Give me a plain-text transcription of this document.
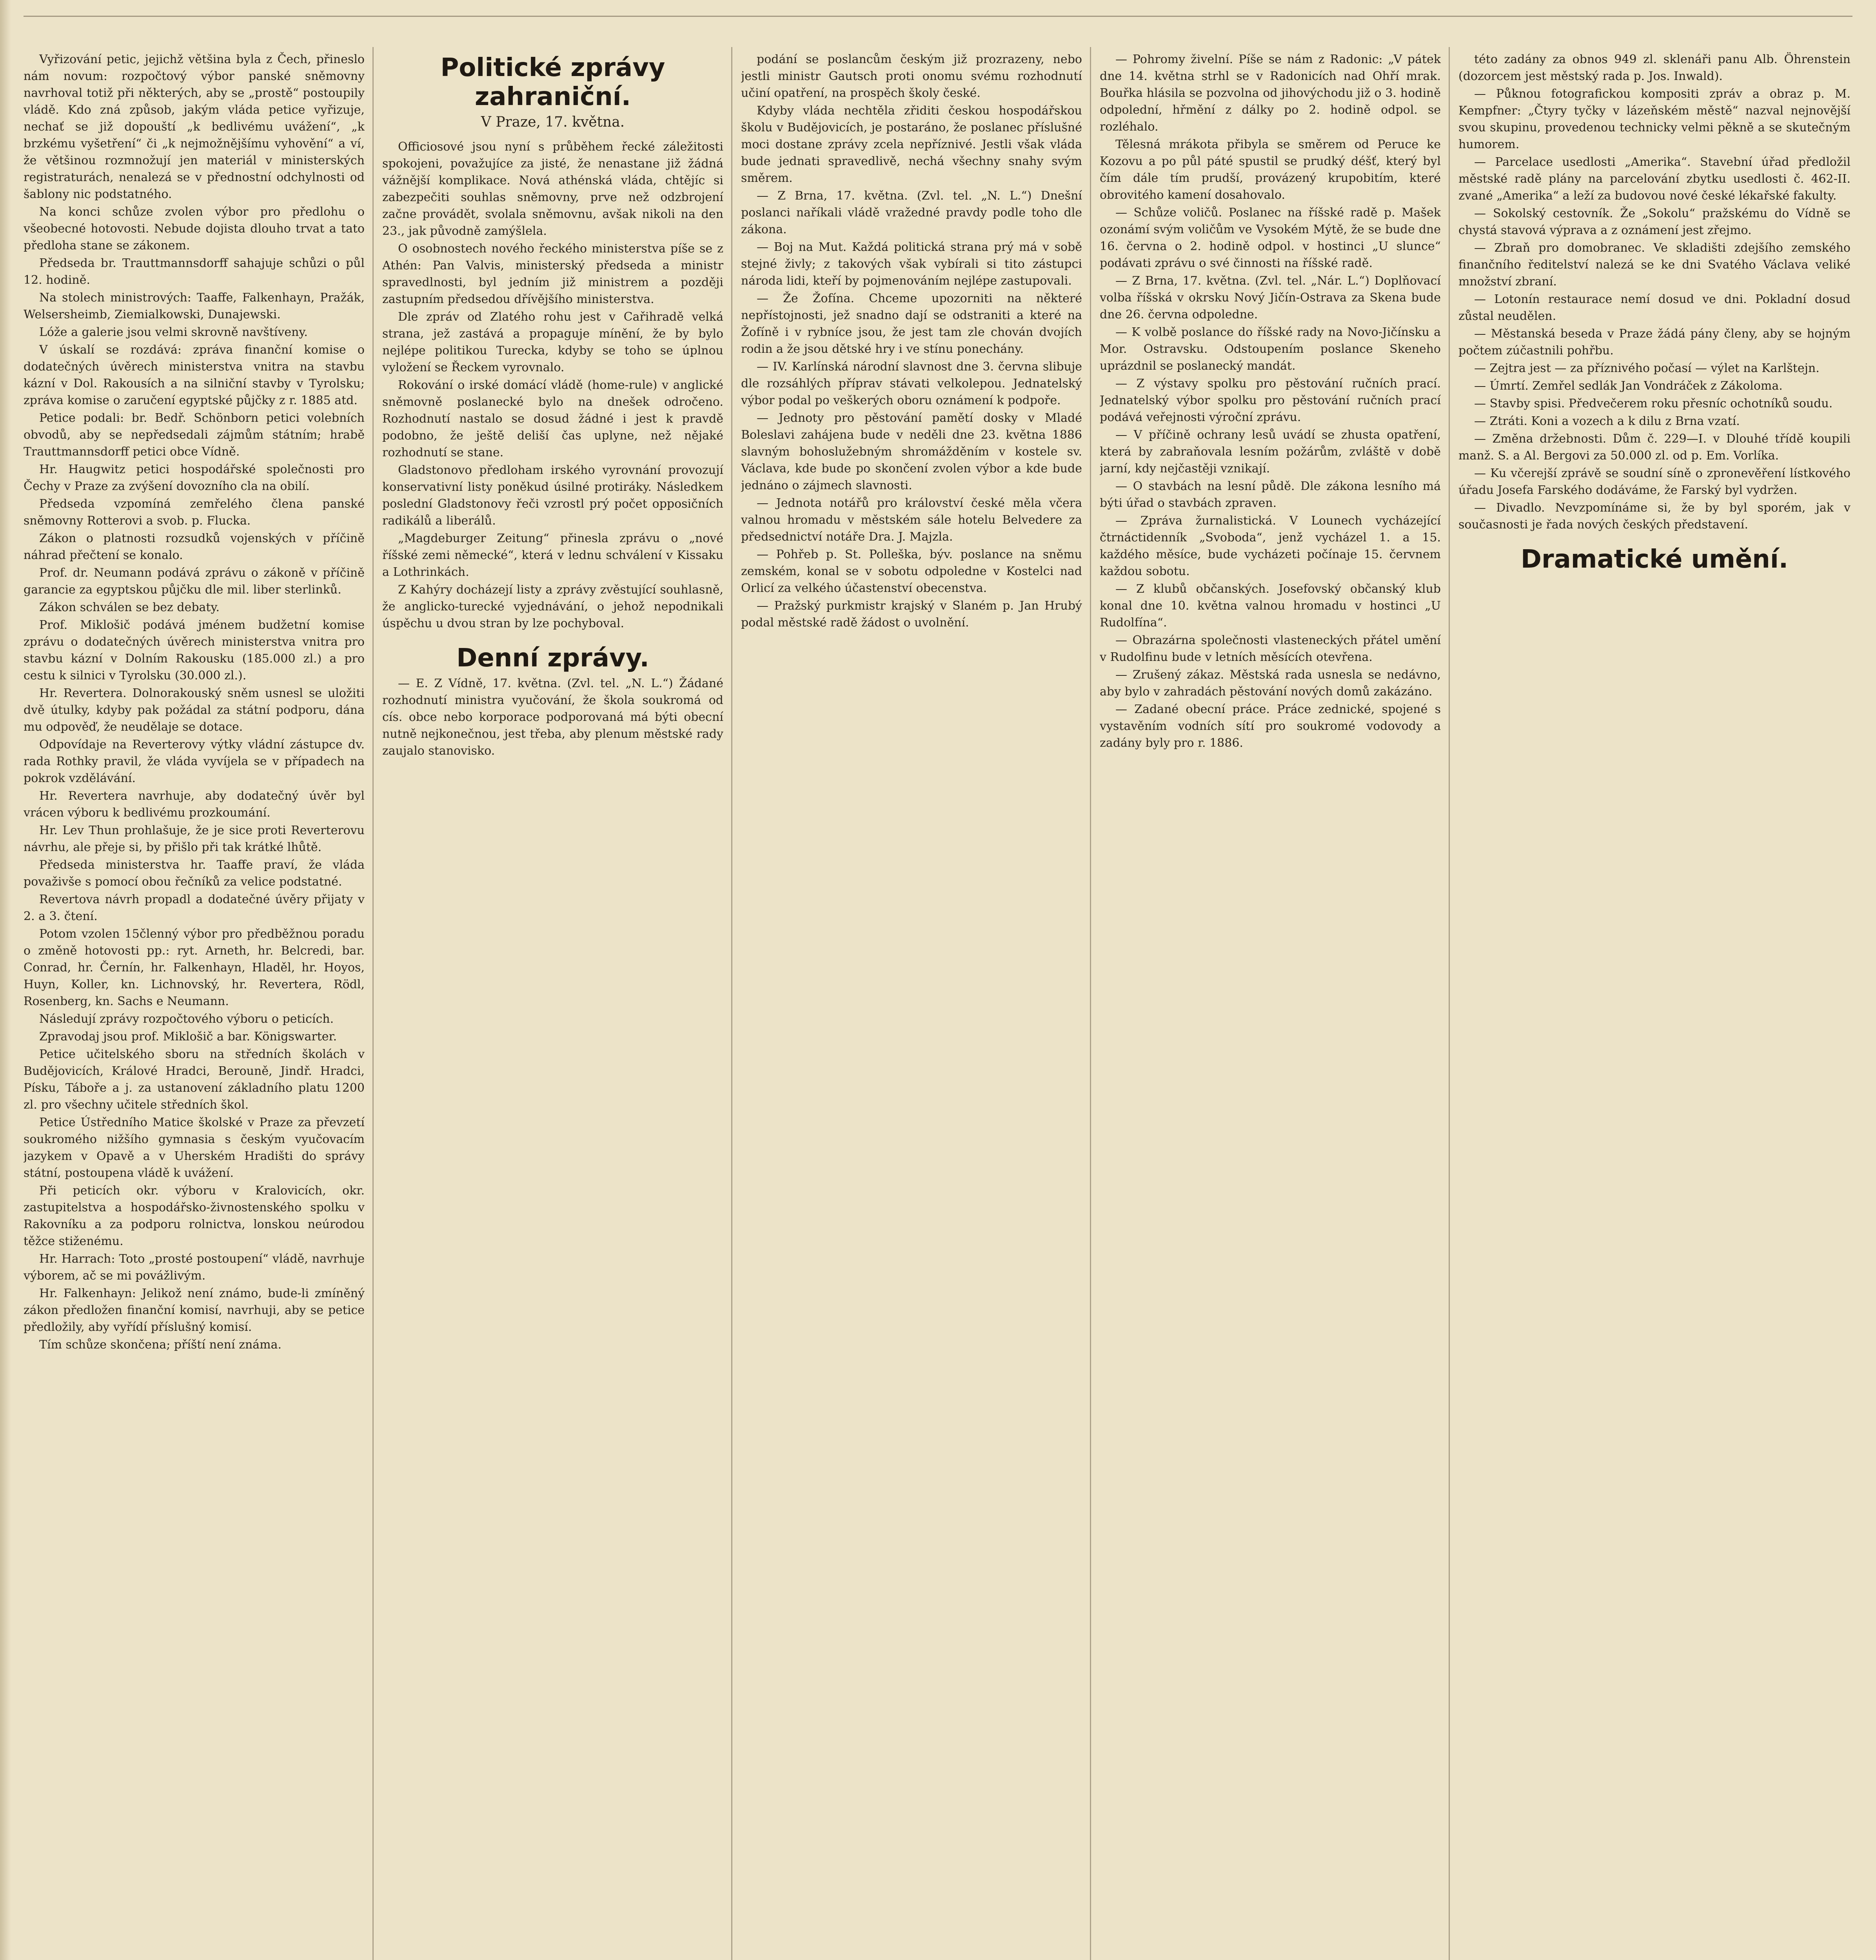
Vyřizování petic, jejichž většina byla z Čech, přineslo nám novum: rozpočtový výbor panské sněmovny navrhoval totiž při některých, aby se „prostě“ postoupily vládě. Kdo zná způsob, jakým vláda petice vyřizuje, nechať se již dopouští „k bedlivému uvážení“, „k brzkému vyšetření“ či „k nejmožnějšímu vyhovění“ a ví, že většinou rozmnožují jen materiál v ministerských registraturách, nenalezá se v přednostní odchylnosti od šablony nic podstatného.

Na konci schůze zvolen výbor pro předlohu o všeobecné hotovosti. Nebude dojista dlouho trvat a tato předloha stane se zákonem.

Předseda br. Trauttmannsdorff sahajuje schůzi o půl 12. hodině.

Na stolech ministrových: Taaffe, Falkenhayn, Pražák, Welsersheimb, Ziemialkowski, Dunajewski.

Lóže a galerie jsou velmi skrovně navštíveny.

V úskalí se rozdává: zpráva finanční komise o dodatečných úvěrech ministerstva vnitra na stavbu kázní v Dol. Rakousích a na silniční stavby v Tyrolsku; zpráva komise o zaručení egyptské půjčky z r. 1885 atd.

Petice podali: br. Bedř. Schönborn petici volebních obvodů, aby se nepředsedali zájmům státním; hrabě Trauttmannsdorff petici obce Vídně.

Hr. Haugwitz petici hospodářské společnosti pro Čechy v Praze za zvýšení dovozního cla na obilí.

Předseda vzpomíná zemřelého člena panské sněmovny Rotterovi a svob. p. Flucka.

Zákon o platnosti rozsudků vojenských v příčině náhrad přečtení se konalo.

Prof. dr. Neumann podává zprávu o zákoně v příčině garancie za egyptskou půjčku dle mil. liber sterlinků.

Zákon schválen se bez debaty.

Prof. Miklošič podává jménem budžetní komise zprávu o dodatečných úvěrech ministerstva vnitra pro stavbu kázní v Dolním Rakousku (185.000 zl.) a pro cestu k silnici v Tyrolsku (30.000 zl.).

Hr. Revertera. Dolnorakouský sněm usnesl se uložiti dvě útulky, kdyby pak požádal za státní podporu, dána mu odpověď, že neudělaje se dotace.

Odpovídaje na Reverterovy výtky vládní zástupce dv. rada Rothky pravil, že vláda vyvíjela se v případech na pokrok vzdělávání.

Hr. Revertera navrhuje, aby dodatečný úvěr byl vrácen výboru k bedlivému prozkoumání.

Hr. Lev Thun prohlašuje, že je sice proti Reverterovu návrhu, ale přeje si, by přišlo při tak krátké lhůtě.

Předseda ministerstva hr. Taaffe praví, že vláda považivše s pomocí obou řečníků za velice podstatné.

Revertova návrh propadl a dodatečné úvěry přijaty v 2. a 3. čtení.

Potom vzolen 15členný výbor pro předběžnou poradu o změně hotovosti pp.: ryt. Arneth, hr. Belcredi, bar. Conrad, hr. Černín, hr. Falkenhayn, Hladěl, hr. Hoyos, Huyn, Koller, kn. Lichnovský, hr. Revertera, Rödl, Rosenberg, kn. Sachs e Neumann.

Následují zprávy rozpočtového výboru o peticích.

Zpravodaj jsou prof. Miklošič a bar. Königswarter.

Petice učitelského sboru na středních školách v Budějovicích, Králové Hradci, Berouně, Jindř. Hradci, Písku, Táboře a j. za ustanovení základního platu 1200 zl. pro všechny učitele středních škol.

Petice Ústředního Matice školské v Praze za převzetí soukromého nižšího gymnasia s českým vyučovacím jazykem v Opavě a v Uherském Hradišti do správy státní, postoupena vládě k uvážení.

Při peticích okr. výboru v Kralovicích, okr. zastupitelstva a hospodářsko-živnostenského spolku v Rakovníku a za podporu rolnictva, lonskou neúrodou těžce stiženému.

Hr. Harrach: Toto „prosté postoupení“ vládě, navrhuje výborem, ač se mi povážlivým.

Hr. Falkenhayn: Jelikož není známo, bude-li zmíněný zákon předložen finanční komisí, navrhuji, aby se petice předložily, aby vyřídí příslušný komisí.

Tím schůze skončena; příští není známa.

Politické zprávy zahraniční.
V Praze, 17. května.

Officiosové jsou nyní s průběhem řecké záležitosti spokojeni, považujíce za jisté, že nenastane již žádná vážnější komplikace. Nová athénská vláda, chtějíc si zabezpečiti souhlas sněmovny, prve než odzbrojení začne provádět, svolala sněmovnu, avšak nikoli na den 23., jak původně zamýšlela.

O osobnostech nového řeckého ministerstva píše se z Athén: Pan Valvis, ministerský předseda a ministr spravedlnosti, byl jedním již ministrem a později zastupním předsedou dřívějšího ministerstva.

Dle zpráv od Zlatého rohu jest v Cařihradě velká strana, jež zastává a propaguje mínění, že by bylo nejlépe politikou Turecka, kdyby se toho se úplnou vyložení se Řeckem vyrovnalo.

Rokování o irské domácí vládě (home-rule) v anglické sněmovně poslanecké bylo na dnešek odročeno. Rozhodnutí nastalo se dosud žádné i jest k pravdě podobno, že ještě deliší čas uplyne, než nějaké rozhodnutí se stane.

Gladstonovo předloham irského vyrovnání provozují konservativní listy poněkud úsilné protiráky. Následkem poslední Gladstonovy řeči vzrostl prý počet opposičních radikálů a liberálů.

„Magdeburger Zeitung“ přinesla zprávu o „nové říšské zemi německé“, která v lednu schválení v Kissaku a Lothrinkách.

Z Kahýry docházejí listy a zprávy zvěstující souhlasně, že anglicko-turecké vyjednávání, o jehož nepodnikali úspěchu u dvou stran by lze pochyboval.

Denní zprávy.

— E. Z Vídně, 17. května. (Zvl. tel. „N. L.“) Žádané rozhodnutí ministra vyučování, že škola soukromá od cís. obce nebo korporace podporovaná má býti obecní nutně nejkonečnou, jest třeba, aby plenum městské rady zaujalo stanovisko.

podání se poslancům českým již prozrazeny, nebo jestli ministr Gautsch proti onomu svému rozhodnutí učiní opatření, na prospěch školy české.

Kdyby vláda nechtěla zřiditi českou hospodářskou školu v Budějovicích, je postaráno, že poslanec příslušné moci dostane zprávy zcela nepříznivé. Jestli však vláda bude jednati spravedlivě, nechá všechny snahy svým směrem.

— Z Brna, 17. května. (Zvl. tel. „N. L.“) Dnešní poslanci naříkali vládě vražedné pravdy podle toho dle zákona.

— Boj na Mut. Každá politická strana prý má v sobě stejné živly; z takových však vybírali si tito zástupci národa lidi, kteří by pojmenováním nejlépe zastupovali.

— Že Žofína. Chceme upozorniti na některé nepřístojnosti, jež snadno dají se odstraniti a které na Žofíně i v rybníce jsou, že jest tam zle chován dvojích rodin a že jsou dětské hry i ve stínu ponechány.

— IV. Karlínská národní slavnost dne 3. června slibuje dle rozsáhlých příprav stávati velkolepou. Jednatelský výbor podal po veškerých oboru oznámení k podpoře.

— Jednoty pro pěstování pamětí dosky v Mladé Boleslavi zahájena bude v neděli dne 23. května 1886 slavným bohoslužebným shromážděním v kostele sv. Václava, kde bude po skončení zvolen výbor a kde bude jednáno o zájmech slavnosti.

— Jednota notářů pro království české měla včera valnou hromadu v městském sále hotelu Belvedere za předsednictví notáře Dra. J. Majzla.

— Pohřeb p. St. Polleška, býv. poslance na sněmu zemském, konal se v sobotu odpoledne v Kostelci nad Orlicí za velkého účastenství obecenstva.

— Pražský purkmistr krajský v Slaném p. Jan Hrubý podal městské radě žádost o uvolnění.

— Pohromy živelní. Píše se nám z Radonic: „V pátek dne 14. května strhl se v Radonicích nad Ohří mrak. Bouřka hlásila se pozvolna od jihovýchodu již o 3. hodině odpolední, hřmění z dálky po 2. hodině odpol. se rozléhalo.

Tělesná mrákota přibyla se směrem od Peruce ke Kozovu a po půl páté spustil se prudký déšť, který byl čím dále tím prudší, provázený krupobitím, které obrovitého kamení dosahovalo.

— Schůze voličů. Poslanec na říšské radě p. Mašek ozonámí svým voličům ve Vysokém Mýtě, že se bude dne 16. června o 2. hodině odpol. v hostinci „U slunce“ podávati zprávu o své činnosti na říšské radě.

— Z Brna, 17. května. (Zvl. tel. „Nár. L.“) Doplňovací volba říšská v okrsku Nový Jičín-Ostrava za Skena bude dne 26. června odpoledne.

— K volbě poslance do říšské rady na Novo-Jičínsku a Mor. Ostravsku. Odstoupením poslance Skeneho uprázdnil se poslanecký mandát.

— Z výstavy spolku pro pěstování ručních prací. Jednatelský výbor spolku pro pěstování ručních prací podává veřejnosti výroční zprávu.

— V příčině ochrany lesů uvádí se zhusta opatření, která by zabraňovala lesním požárům, zvláště v době jarní, kdy nejčastěji vznikají.

— O stavbách na lesní půdě. Dle zákona lesního má býti úřad o stavbách zpraven.

— Zpráva žurnalistická. V Lounech vycházející čtrnáctidenník „Svoboda“, jenž vycházel 1. a 15. každého měsíce, bude vycházeti počínaje 15. červnem každou sobotu.

— Z klubů občanských. Josefovský občanský klub konal dne 10. května valnou hromadu v hostinci „U Rudolfína“.

— Obrazárna společnosti vlasteneckých přátel umění v Rudolfinu bude v letních měsících otevřena.

— Zrušený zákaz. Městská rada usnesla se nedávno, aby bylo v zahradách pěstování nových domů zakázáno.

— Zadané obecní práce. Práce zednické, spojené s vystavěním vodních sítí pro soukromé vodovody a zadány byly pro r. 1886.

této zadány za obnos 949 zl. sklenáři panu Alb. Öhrenstein (dozorcem jest městský rada p. Jos. Inwald).

— Půknou fotografickou kompositi zpráv a obraz p. M. Kempfner: „Čtyry tyčky v lázeňském městě“ nazval nejnovější svou skupinu, provedenou technicky velmi pěkně a se skutečným humorem.

— Parcelace usedlosti „Amerika“. Stavební úřad předložil městské radě plány na parcelování zbytku usedlosti č. 462-II. zvané „Amerika“ a leží za budovou nové české lékařské fakulty.

— Sokolský cestovník. Že „Sokolu“ pražskému do Vídně se chystá stavová výprava a z oznámení jest zřejmo.

— Zbraň pro domobranec. Ve skladišti zdejšího zemského finančního ředitelství nalezá se ke dni Svatého Václava veliké množství zbraní.

— Lotonín restaurace nemí dosud ve dni. Pokladní dosud zůstal neudělen.

— Městanská beseda v Praze žádá pány členy, aby se hojným počtem zúčastnili pohřbu.

— Zejtra jest — za příznivého počasí — výlet na Karlštejn.

— Úmrtí. Zemřel sedlák Jan Vondráček z Zákoloma.

— Stavby spisi. Předvečerem roku přesníc ochotníků soudu.

— Ztráti. Koni a vozech a k dilu z Brna vzatí.

— Změna držebnosti. Dům č. 229—I. v Dlouhé třídě koupili manž. S. a Al. Bergovi za 50.000 zl. od p. Em. Vorlíka.

— Ku včerejší zprávě se soudní síně o zpronevěření lístkového úřadu Josefa Farského dodáváme, že Farský byl vydržen.

— Divadlo. Nevzpomínáme si, že by byl sporém, jak v současnosti je řada nových českých představení.

Dramatické umění.
